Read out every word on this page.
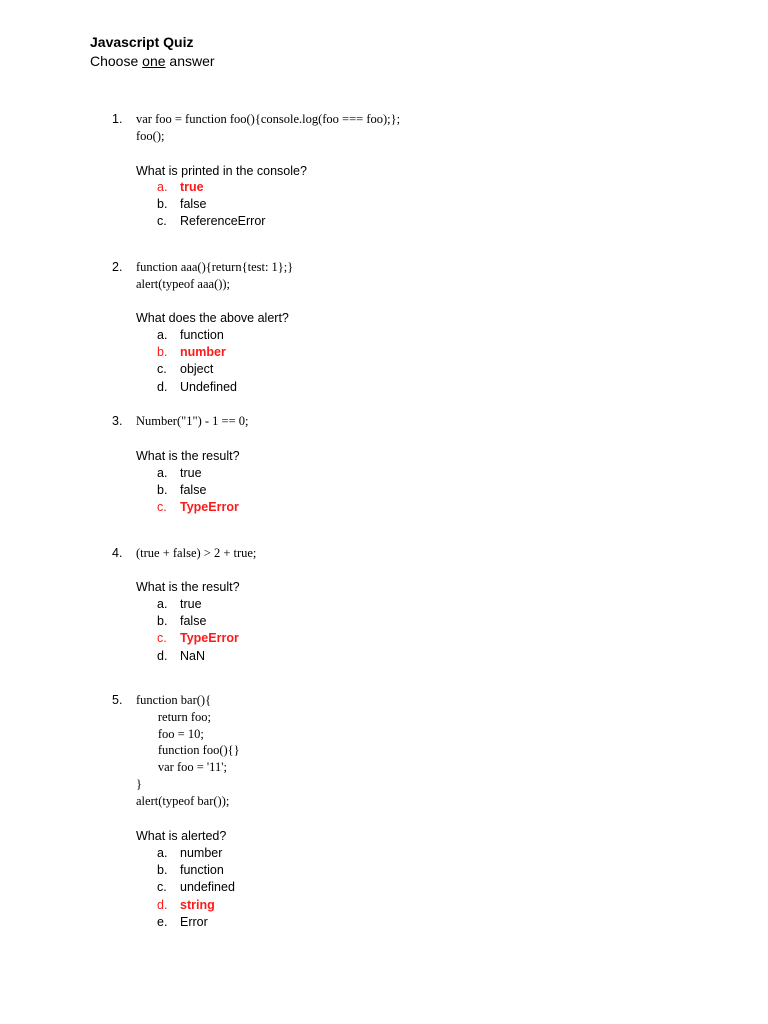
Javascript Quiz
Choose one answer
1. var foo = function foo(){console.log(foo === foo);};
foo();
What is printed in the console?
a. true
b. false
c. ReferenceError
2. function aaa(){return{test: 1};}
alert(typeof aaa());
What does the above alert?
a. function
b. number
c. object
d. Undefined
3. Number("1") - 1 == 0;
What is the result?
a. true
b. false
c. TypeError
4. (true + false) > 2 + true;
What is the result?
a. true
b. false
c. TypeError
d. NaN
5. function bar(){
return foo;
foo = 10;
function foo(){}
var foo = '11';
}
alert(typeof bar());
What is alerted?
a. number
b. function
c. undefined
d. string
e. Error
